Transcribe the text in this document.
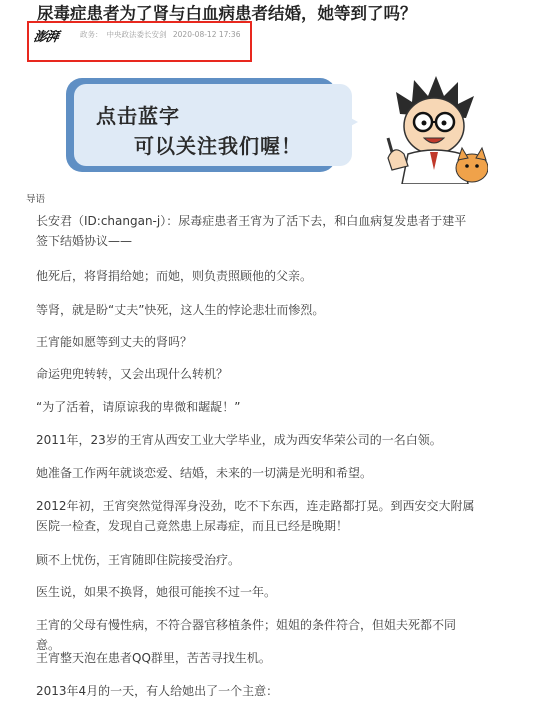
尿毒症患者为了肾与白血病患者结婚，她等到了吗？
澎湃	政务： 中央政法委长安剑 2020-08-12 17:36
点击蓝字
可以关注我们喔！
导语
长安君（ID:changan-j）：尿毒症患者王宵为了活下去，和白血病复发患者于建平签下结婚协议——
他死后，将肾捐给她；而她，则负责照顾他的父亲。
等肾，就是盼“丈夫”快死，这人生的悖论悲壮而惨烈。
王宵能如愿等到丈夫的肾吗？
命运兜兜转转，又会出现什么转机？
“为了活着，请原谅我的卑微和龌龊！”
2011年，23岁的王宵从西安工业大学毕业，成为西安华荣公司的一名白领。
她准备工作两年就谈恋爱、结婚，未来的一切满是光明和希望。
2012年初，王宵突然觉得浑身没劲，吃不下东西，连走路都打晃。到西安交大附属医院一检查，发现自己竟然患上尿毒症，而且已经是晚期！
顾不上忧伤，王宵随即住院接受治疗。
医生说，如果不换肾，她很可能挨不过一年。
王宵的父母有慢性病，不符合器官移植条件；姐姐的条件符合，但姐夫死都不同意。
王宵整天泡在患者QQ群里，苦苦寻找生机。
2013年4月的一天，有人给她出了一个主意：
